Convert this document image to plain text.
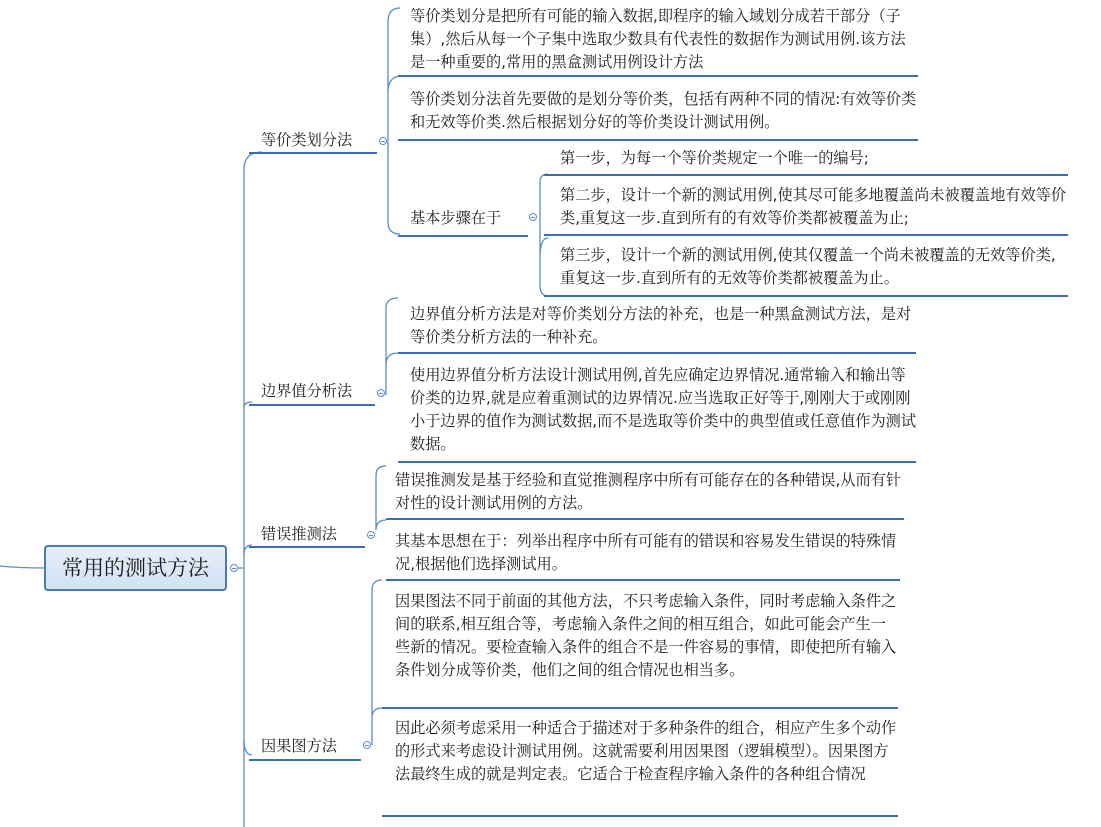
常用的测试方法
等价类划分法
等价类划分是把所有可能的输入数据,即程序的输入域划分成若干部分（子集）,然后从每一个子集中选取少数具有代表性的数据作为测试用例.该方法是一种重要的,常用的黑盒测试用例设计方法
等价类划分法首先要做的是划分等价类，包括有两种不同的情况:有效等价类和无效等价类.然后根据划分好的等价类设计测试用例。
基本步骤在于
第一步，为每一个等价类规定一个唯一的编号;
第二步，设计一个新的测试用例,使其尽可能多地覆盖尚未被覆盖地有效等价类,重复这一步.直到所有的有效等价类都被覆盖为止;
第三步，设计一个新的测试用例,使其仅覆盖一个尚未被覆盖的无效等价类,重复这一步.直到所有的无效等价类都被覆盖为止。
边界值分析法
边界值分析方法是对等价类划分方法的补充，也是一种黑盒测试方法，是对等价类分析方法的一种补充。
使用边界值分析方法设计测试用例,首先应确定边界情况.通常输入和输出等价类的边界,就是应着重测试的边界情况.应当选取正好等于,刚刚大于或刚刚小于边界的值作为测试数据,而不是选取等价类中的典型值或任意值作为测试数据。
错误推测法
错误推测发是基于经验和直觉推测程序中所有可能存在的各种错误,从而有针对性的设计测试用例的方法。
其基本思想在于：列举出程序中所有可能有的错误和容易发生错误的特殊情况,根据他们选择测试用。
因果图方法
因果图法不同于前面的其他方法，不只考虑输入条件，同时考虑输入条件之间的联系,相互组合等，考虑输入条件之间的相互组合，如此可能会产生一些新的情况。要检查输入条件的组合不是一件容易的事情，即使把所有输入条件划分成等价类，他们之间的组合情况也相当多。
因此必须考虑采用一种适合于描述对于多种条件的组合，相应产生多个动作的形式来考虑设计测试用例。这就需要利用因果图（逻辑模型）。因果图方法最终生成的就是判定表。它适合于检查程序输入条件的各种组合情况
